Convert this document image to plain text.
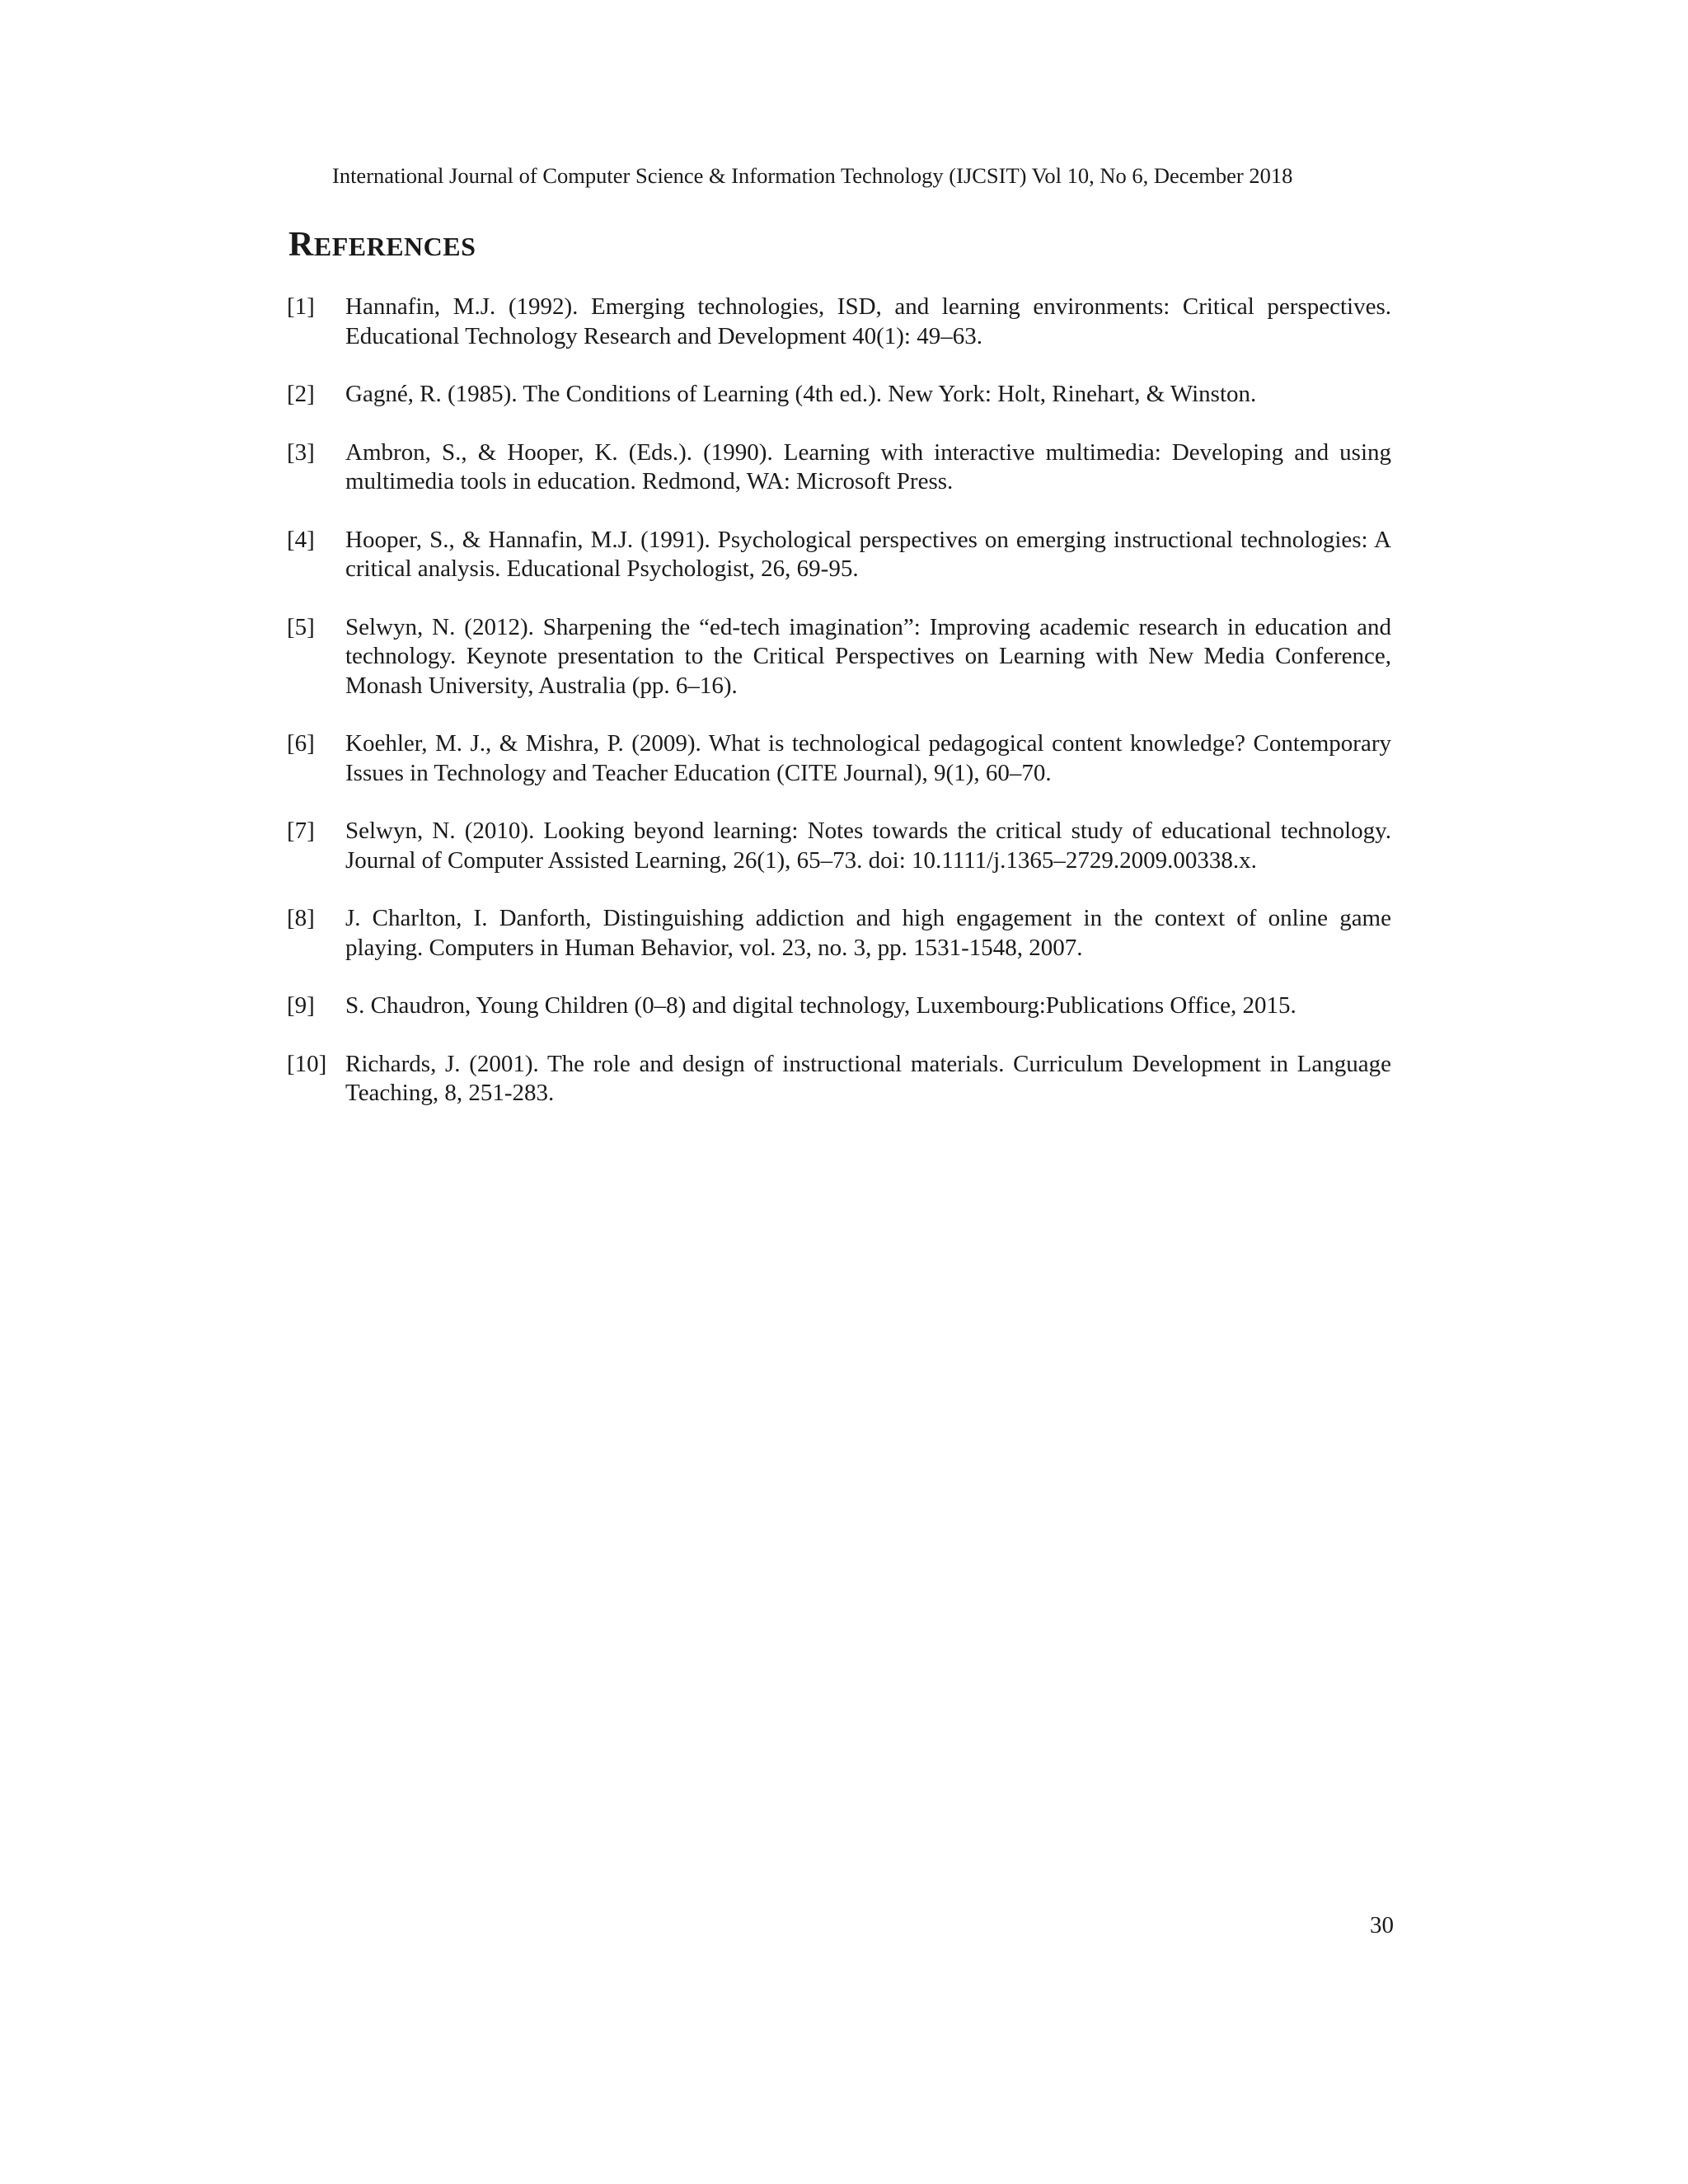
International Journal of Computer Science & Information Technology (IJCSIT) Vol 10, No 6, December 2018
REFERENCES
[1]	Hannafin, M.J. (1992). Emerging technologies, ISD, and learning environments: Critical perspectives. Educational Technology Research and Development 40(1): 49–63.
[2]	Gagné, R. (1985). The Conditions of Learning (4th ed.). New York: Holt, Rinehart, & Winston.
[3]	Ambron, S., & Hooper, K. (Eds.). (1990). Learning with interactive multimedia: Developing and using multimedia tools in education. Redmond, WA: Microsoft Press.
[4]	Hooper, S., & Hannafin, M.J. (1991). Psychological perspectives on emerging instructional technologies: A critical analysis. Educational Psychologist, 26, 69-95.
[5]	Selwyn, N. (2012). Sharpening the “ed-tech imagination”: Improving academic research in education and technology. Keynote presentation to the Critical Perspectives on Learning with New Media Conference, Monash University, Australia (pp. 6–16).
[6]	Koehler, M. J., & Mishra, P. (2009). What is technological pedagogical content knowledge? Contemporary Issues in Technology and Teacher Education (CITE Journal), 9(1), 60–70.
[7]	Selwyn, N. (2010). Looking beyond learning: Notes towards the critical study of educational technology. Journal of Computer Assisted Learning, 26(1), 65–73. doi: 10.1111/j.1365–2729.2009.00338.x.
[8]	J. Charlton, I. Danforth, Distinguishing addiction and high engagement in the context of online game playing. Computers in Human Behavior, vol. 23, no. 3, pp. 1531-1548, 2007.
[9]	S. Chaudron, Young Children (0–8) and digital technology, Luxembourg:Publications Office, 2015.
[10] Richards, J. (2001). The role and design of instructional materials. Curriculum Development in Language Teaching, 8, 251-283.
30
